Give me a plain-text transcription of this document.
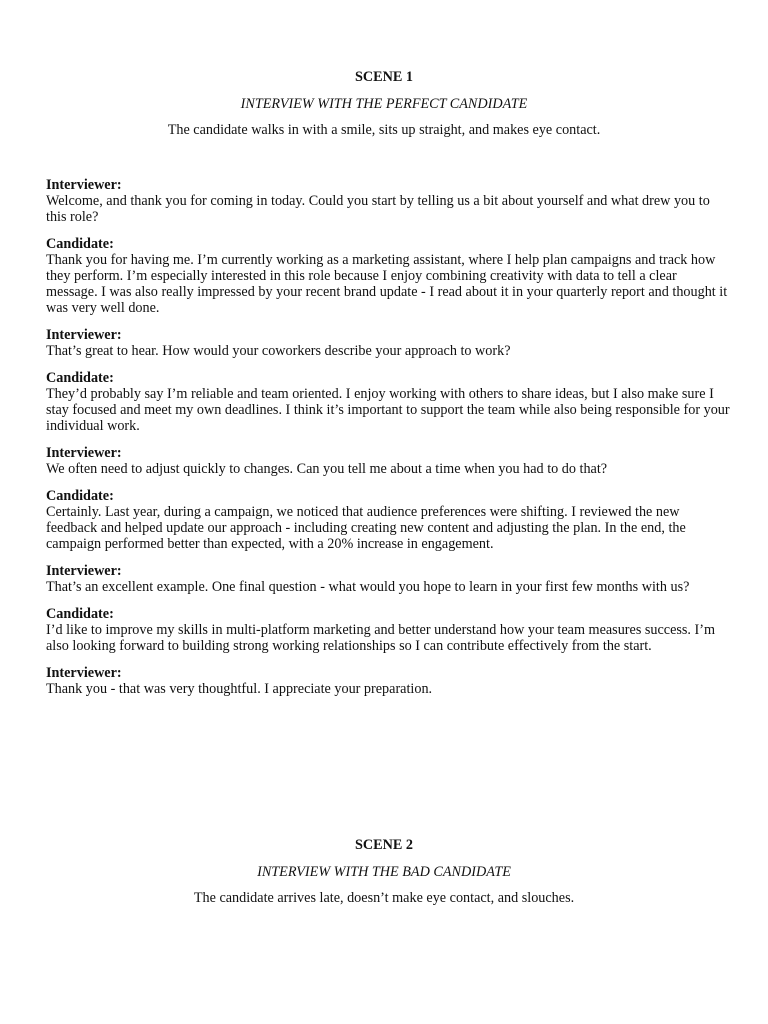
SCENE 1

INTERVIEW WITH THE PERFECT CANDIDATE

The candidate walks in with a smile, sits up straight, and makes eye contact.

Interviewer:
Welcome, and thank you for coming in today. Could you start by telling us a bit about yourself and what drew you to this role?
Candidate:
Thank you for having me. I’m currently working as a marketing assistant, where I help plan campaigns and track how they perform. I’m especially interested in this role because I enjoy combining creativity with data to tell a clear message. I was also really impressed by your recent brand update - I read about it in your quarterly report and thought it was very well done.
Interviewer:
That’s great to hear. How would your coworkers describe your approach to work?
Candidate:
They’d probably say I’m reliable and team oriented. I enjoy working with others to share ideas, but I also make sure I stay focused and meet my own deadlines. I think it’s important to support the team while also being responsible for your individual work.
Interviewer:
We often need to adjust quickly to changes. Can you tell me about a time when you had to do that?
Candidate:
Certainly. Last year, during a campaign, we noticed that audience preferences were shifting. I reviewed the new feedback and helped update our approach - including creating new content and adjusting the plan. In the end, the campaign performed better than expected, with a 20% increase in engagement.
Interviewer:
That’s an excellent example. One final question - what would you hope to learn in your first few months with us?
Candidate:
I’d like to improve my skills in multi-platform marketing and better understand how your team measures success. I’m also looking forward to building strong working relationships so I can contribute effectively from the start.
Interviewer:
Thank you - that was very thoughtful. I appreciate your preparation.

SCENE 2

INTERVIEW WITH THE BAD CANDIDATE

The candidate arrives late, doesn’t make eye contact, and slouches.
